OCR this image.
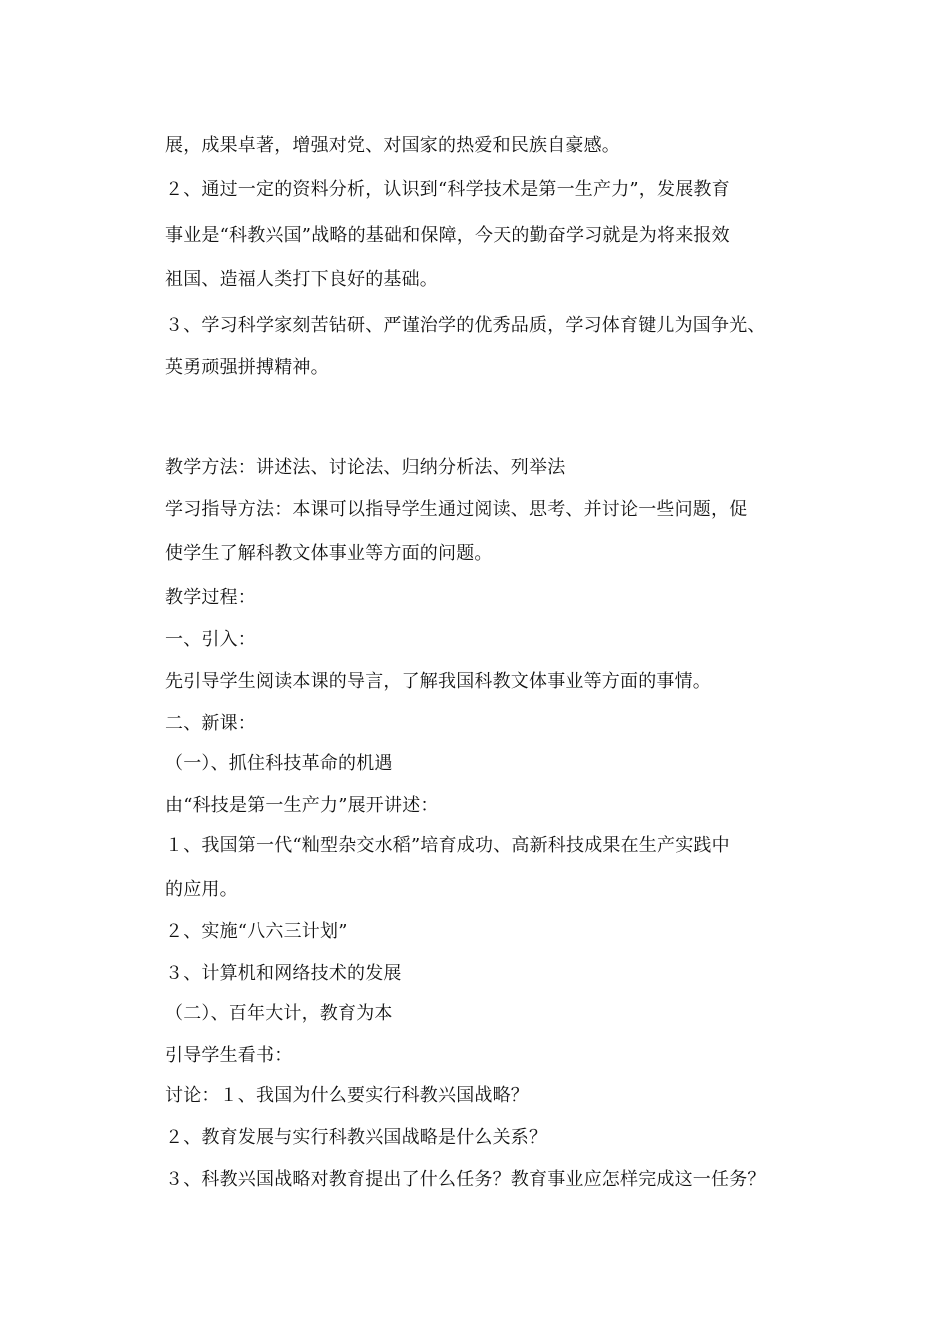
展，成果卓著，增强对党、对国家的热爱和民族自豪感。
２、通过一定的资料分析，认识到“科学技术是第一生产力”，发展教育
事业是“科教兴国”战略的基础和保障，今天的勤奋学习就是为将来报效
祖国、造福人类打下良好的基础。
３、学习科学家刻苦钻研、严谨治学的优秀品质，学习体育键儿为国争光、
英勇顽强拼搏精神。
教学方法：讲述法、讨论法、归纳分析法、列举法
学习指导方法：本课可以指导学生通过阅读、思考、并讨论一些问题，促
使学生了解科教文体事业等方面的问题。
教学过程：
一、引入：
先引导学生阅读本课的导言，了解我国科教文体事业等方面的事情。
二、新课：
（一）、抓住科技革命的机遇
由“科技是第一生产力”展开讲述：
１、我国第一代“籼型杂交水稻”培育成功、高新科技成果在生产实践中
的应用。
２、实施“八六三计划”
３、计算机和网络技术的发展
（二）、百年大计，教育为本
引导学生看书：
讨论：１、我国为什么要实行科教兴国战略？
２、教育发展与实行科教兴国战略是什么关系？
３、科教兴国战略对教育提出了什么任务？教育事业应怎样完成这一任务？
